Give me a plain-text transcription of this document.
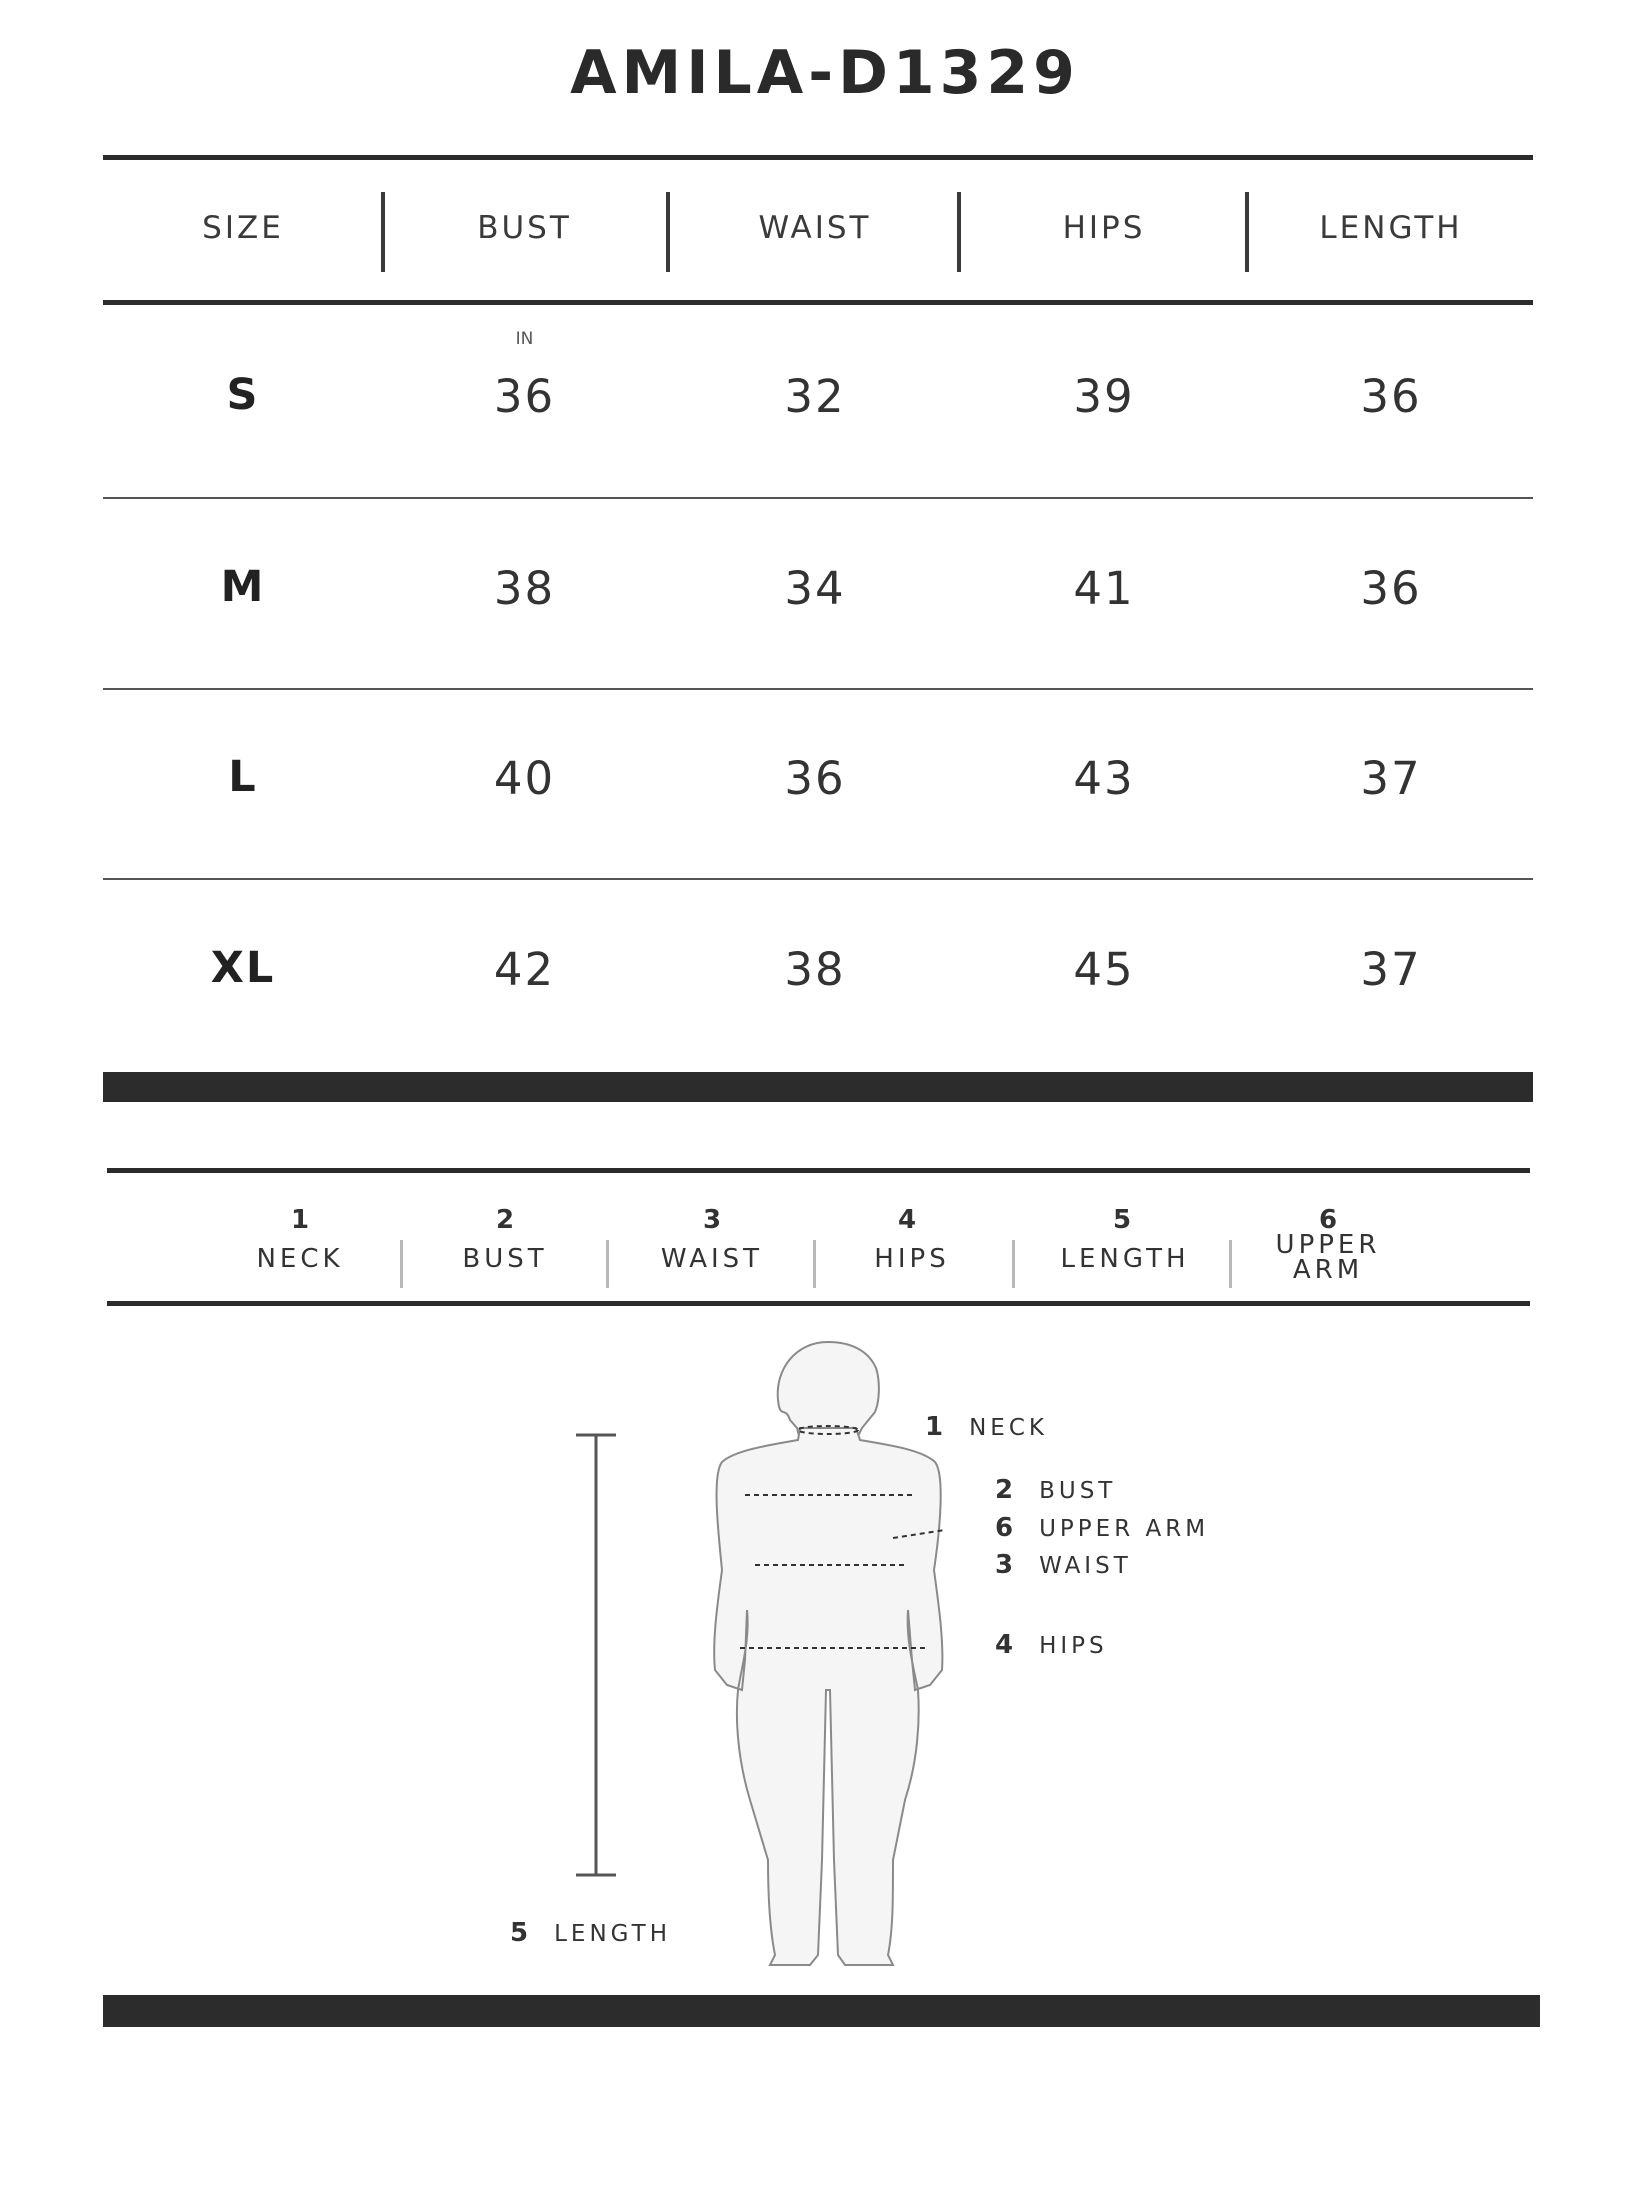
AMILA-D1329
SIZE	BUST	WAIST	HIPS	LENGTH
IN
S	36	32	39	36
M	38	34	41	36
L	40	36	43	37
XL	42	38	45	37
1
NECK
2
BUST
3
WAIST
4
HIPS
5
LENGTH
6
UPPER ARM
1 NECK
2 BUST
6 UPPER ARM
3 WAIST
4 HIPS
5 LENGTH
